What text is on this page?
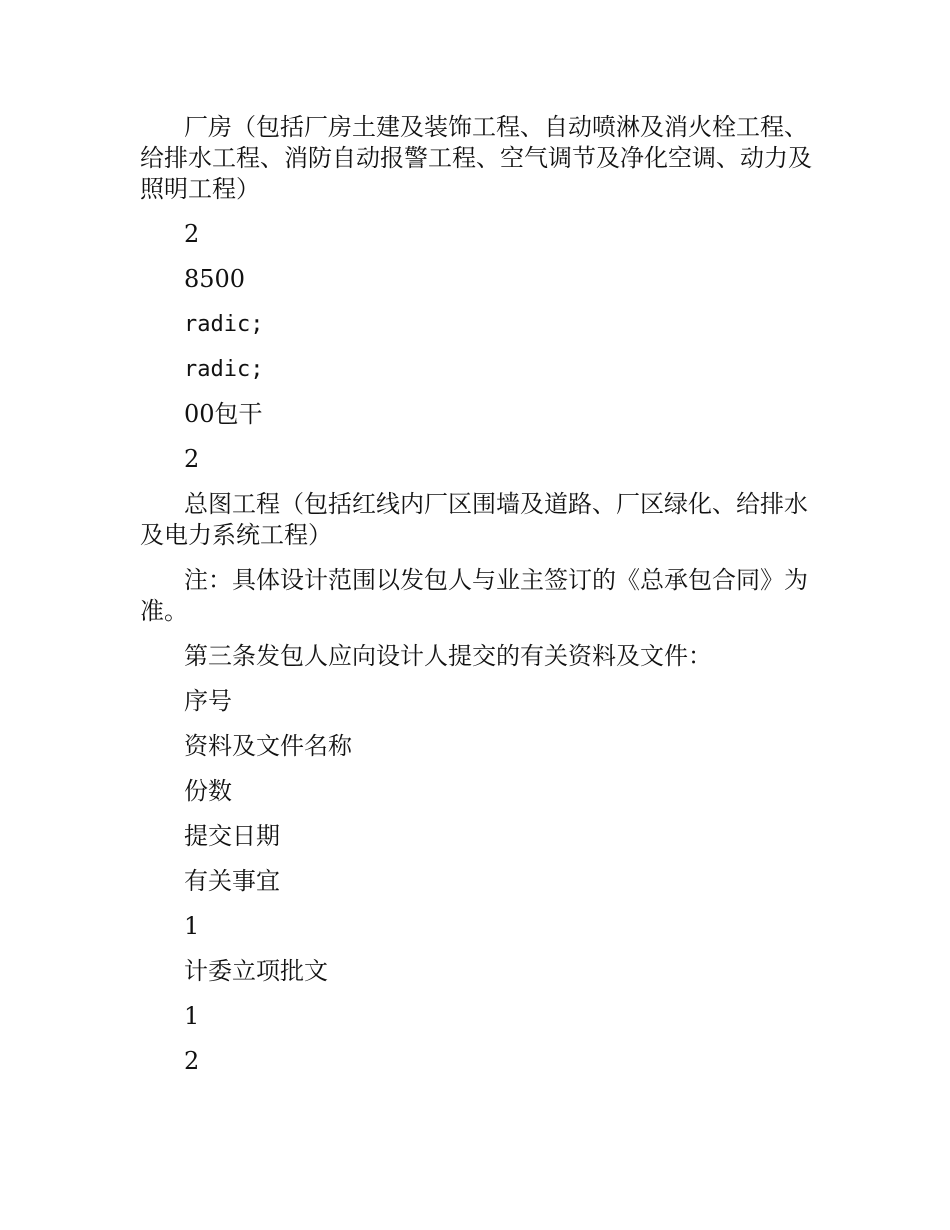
厂房（包括厂房土建及装饰工程、自动喷淋及消火栓工程、给排水工程、消防自动报警工程、空气调节及净化空调、动力及照明工程）

2

8500

radic;

radic;

00包干

2

总图工程（包括红线内厂区围墙及道路、厂区绿化、给排水及电力系统工程）

注：具体设计范围以发包人与业主签订的《总承包合同》为准。

第三条发包人应向设计人提交的有关资料及文件：

序号

资料及文件名称

份数

提交日期

有关事宜

1

计委立项批文

1

2
